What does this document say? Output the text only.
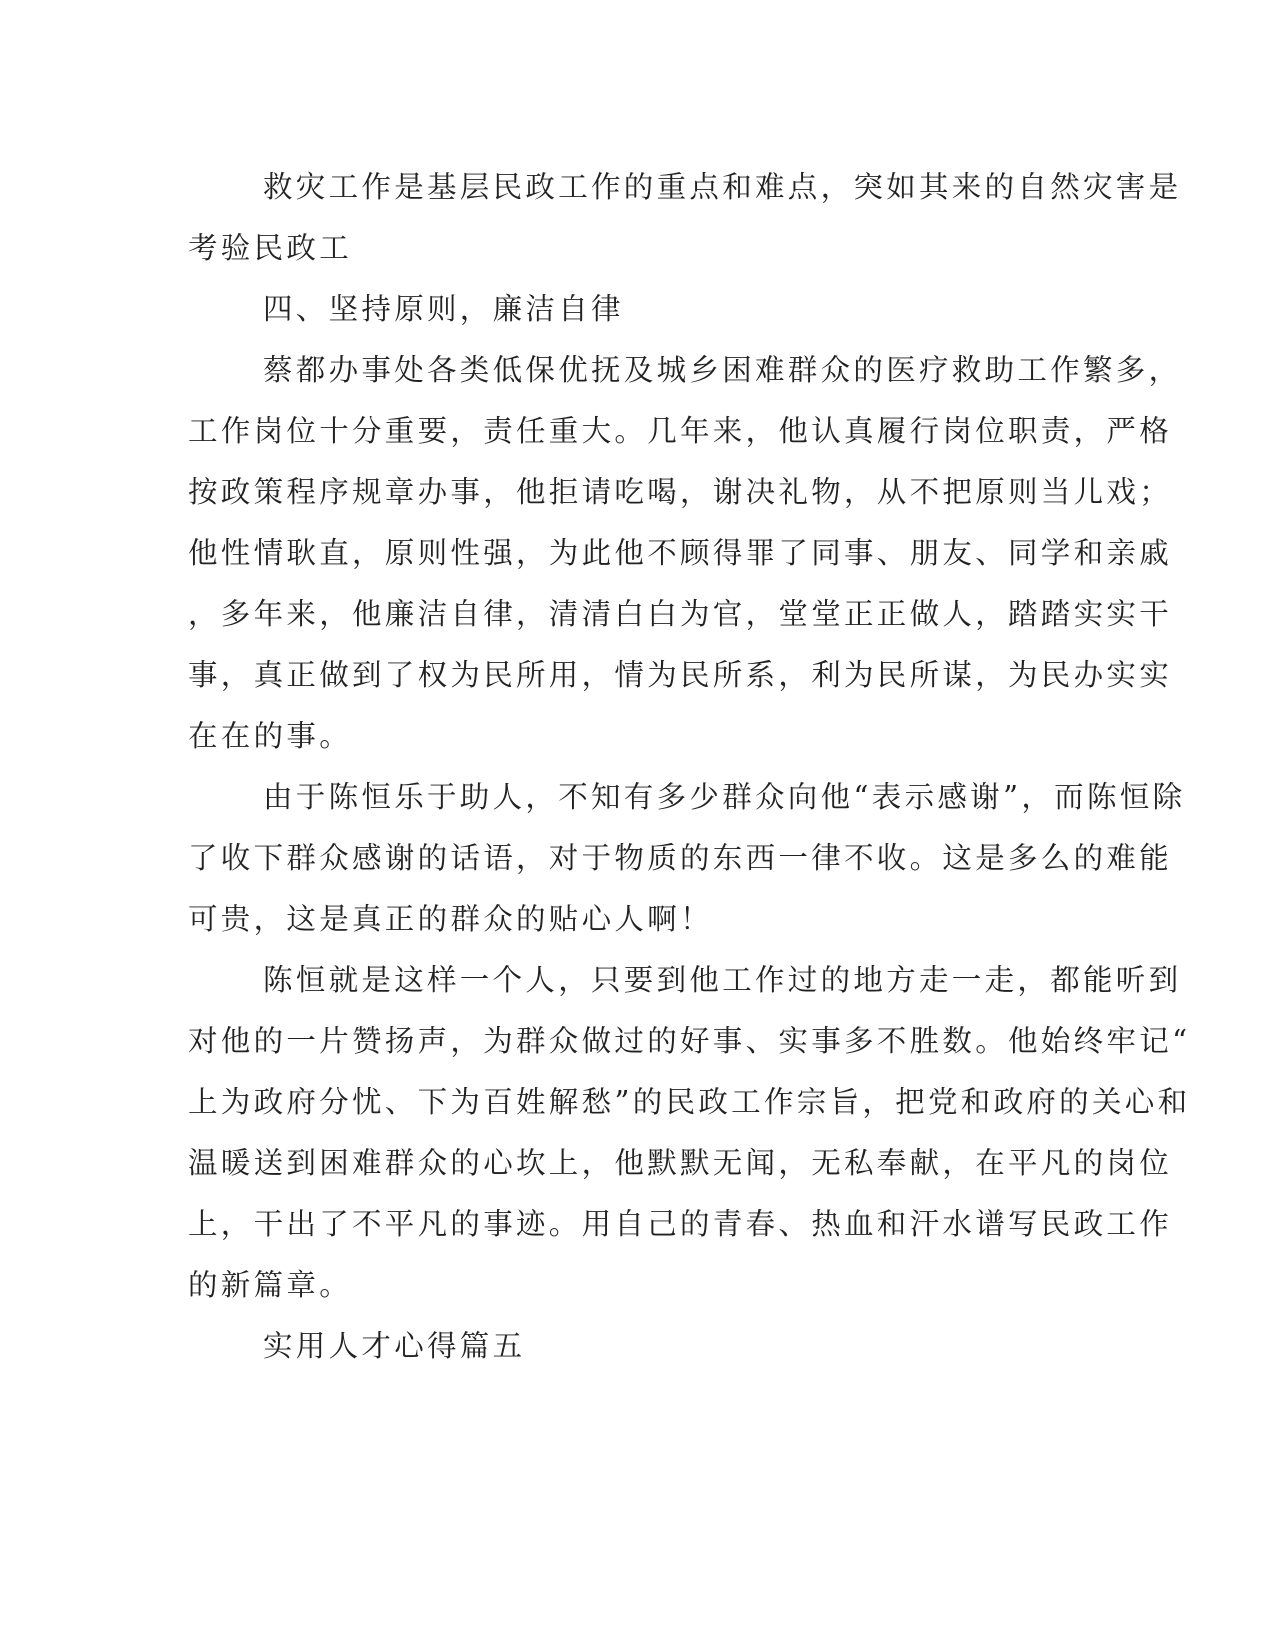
救灾工作是基层民政工作的重点和难点，突如其来的自然灾害是
考验民政工
四、坚持原则，廉洁自律
蔡都办事处各类低保优抚及城乡困难群众的医疗救助工作繁多，
工作岗位十分重要，责任重大。几年来，他认真履行岗位职责，严格
按政策程序规章办事，他拒请吃喝，谢决礼物，从不把原则当儿戏；
他性情耿直，原则性强，为此他不顾得罪了同事、朋友、同学和亲戚
，多年来，他廉洁自律，清清白白为官，堂堂正正做人，踏踏实实干
事，真正做到了权为民所用，情为民所系，利为民所谋，为民办实实
在在的事。
由于陈恒乐于助人，不知有多少群众向他“表示感谢”，而陈恒除
了收下群众感谢的话语，对于物质的东西一律不收。这是多么的难能
可贵，这是真正的群众的贴心人啊！
陈恒就是这样一个人，只要到他工作过的地方走一走，都能听到
对他的一片赞扬声，为群众做过的好事、实事多不胜数。他始终牢记“
上为政府分忧、下为百姓解愁”的民政工作宗旨，把党和政府的关心和
温暖送到困难群众的心坎上，他默默无闻，无私奉献，在平凡的岗位
上，干出了不平凡的事迹。用自己的青春、热血和汗水谱写民政工作
的新篇章。
实用人才心得篇五
